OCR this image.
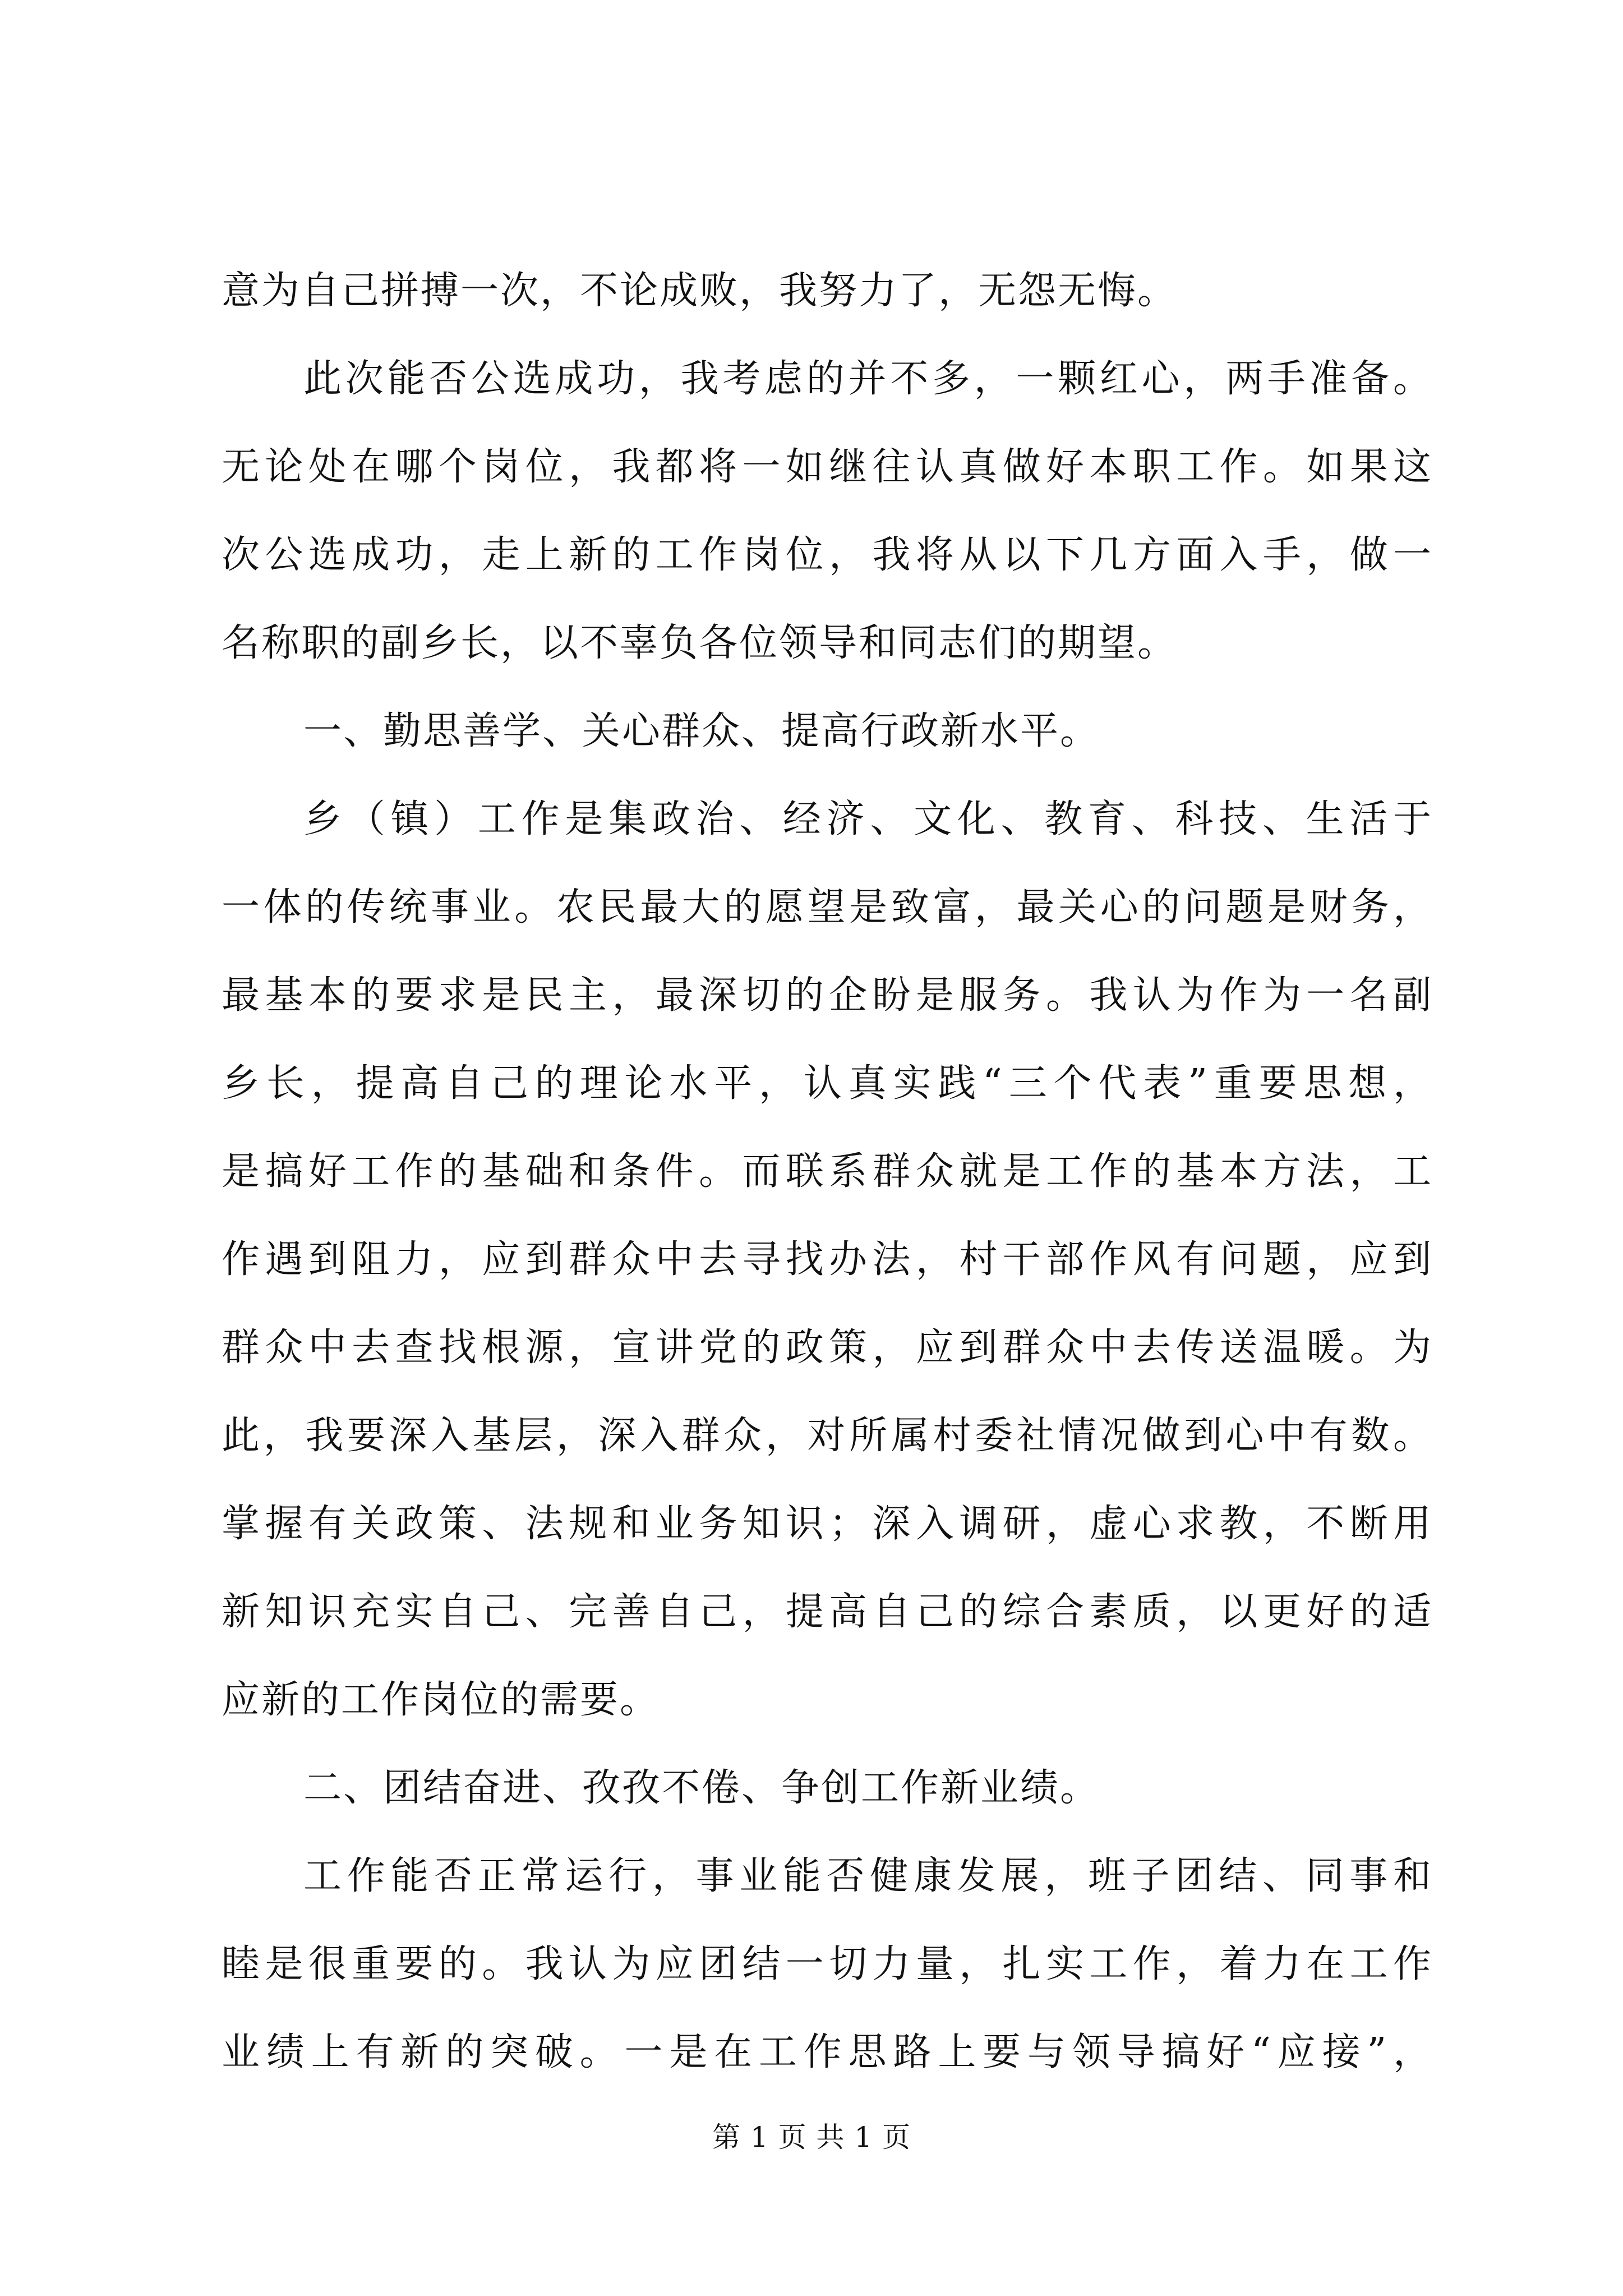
意为自己拼搏一次，不论成败，我努力了，无怨无悔。
此次能否公选成功，我考虑的并不多，一颗红心，两手准备。
无论处在哪个岗位，我都将一如继往认真做好本职工作。如果这
次公选成功，走上新的工作岗位，我将从以下几方面入手，做一
名称职的副乡长，以不辜负各位领导和同志们的期望。
一、勤思善学、关心群众、提高行政新水平。
乡（镇）工作是集政治、经济、文化、教育、科技、生活于
一体的传统事业。农民最大的愿望是致富，最关心的问题是财务，
最基本的要求是民主，最深切的企盼是服务。我认为作为一名副
乡长，提高自己的理论水平，认真实践“三个代表”重要思想，
是搞好工作的基础和条件。而联系群众就是工作的基本方法，工
作遇到阻力，应到群众中去寻找办法，村干部作风有问题，应到
群众中去查找根源，宣讲党的政策，应到群众中去传送温暖。为
此，我要深入基层，深入群众，对所属村委社情况做到心中有数。
掌握有关政策、法规和业务知识；深入调研，虚心求教，不断用
新知识充实自己、完善自己，提高自己的综合素质，以更好的适
应新的工作岗位的需要。
二、团结奋进、孜孜不倦、争创工作新业绩。
工作能否正常运行，事业能否健康发展，班子团结、同事和
睦是很重要的。我认为应团结一切力量，扎实工作，着力在工作
业绩上有新的突破。一是在工作思路上要与领导搞好“应接”，
第 1 页 共 1 页
